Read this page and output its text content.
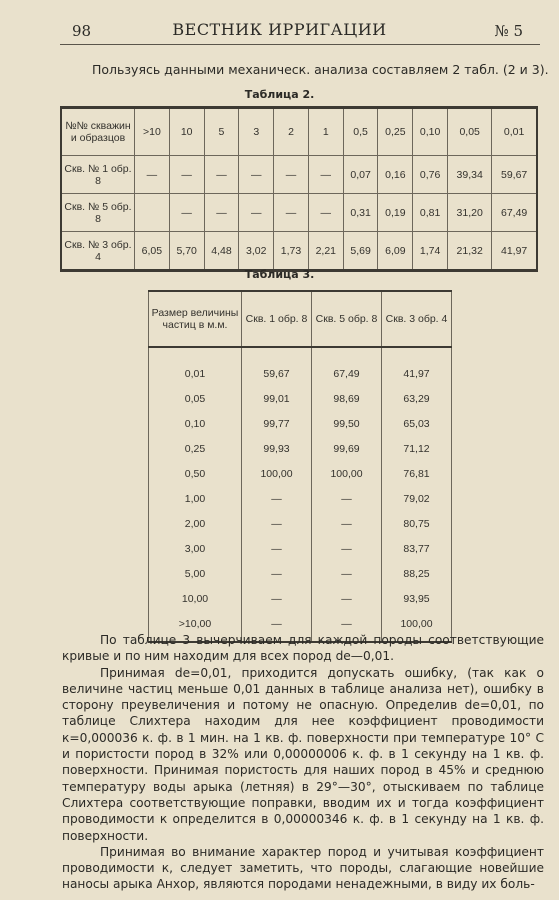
98	ВЕСТНИК ИРРИГАЦИИ	№ 5
Пользуясь данными механическ. анализа составляем 2 табл. (2 и 3).
Таблица 2.
№№ скважин и образцов	>10	10	5	3	2	1	0,5	0,25	0,10	0,05	0,01
Скв. № 1 обр. 8	—	—	—	—	—	—	0,07	0,16	0,76	39,34	59,67
Скв. № 5 обр. 8		—	—	—	—	—	0,31	0,19	0,81	31,20	67,49
Скв. № 3 обр. 4	6,05	5,70	4,48	3,02	1,73	2,21	5,69	6,09	1,74	21,32	41,97
Таблица 3.
Размер величины частиц в м.м.	Скв. 1 обр. 8	Скв. 5 обр. 8	Скв. 3 обр. 4
0,01	59,67	67,49	41,97
0,05	99,01	98,69	63,29
0,10	99,77	99,50	65,03
0,25	99,93	99,69	71,12
0,50	100,00	100,00	76,81
1,00	—	—	79,02
2,00	—	—	80,75
3,00	—	—	83,77
5,00	—	—	88,25
10,00	—	—	93,95
>10,00	—	—	100,00

По таблице 3 вычерчиваем для каждой породы соответствующие кривые и по ним находим для всех пород de—0,01.

Принимая de=0,01, приходится допускать ошибку, (так как о величине частиц меньше 0,01 данных в таблице анализа нет), ошибку в сторону преувеличения и потому не опасную. Определив de=0,01, по таблице Слихтера находим для нее коэффициент проводимости к=0,000036 к. ф. в 1 мин. на 1 кв. ф. поверхности при температуре 10° С и пористости пород в 32% или 0,00000006 к. ф. в 1 секунду на 1 кв. ф. поверхности. Принимая пористость для наших пород в 45% и среднюю температуру воды арыка (летняя) в 29°—30°, отыскиваем по таблице Слихтера соответствующие поправки, вводим их и тогда коэффициент проводимости к определится в 0,00000346 к. ф. в 1 секунду на 1 кв. ф. поверхности.

Принимая во внимание характер пород и учитывая коэффициент проводимости к, следует заметить, что породы, слагающие новейшие наносы арыка Анхор, являются породами ненадежными, в виду их боль-
